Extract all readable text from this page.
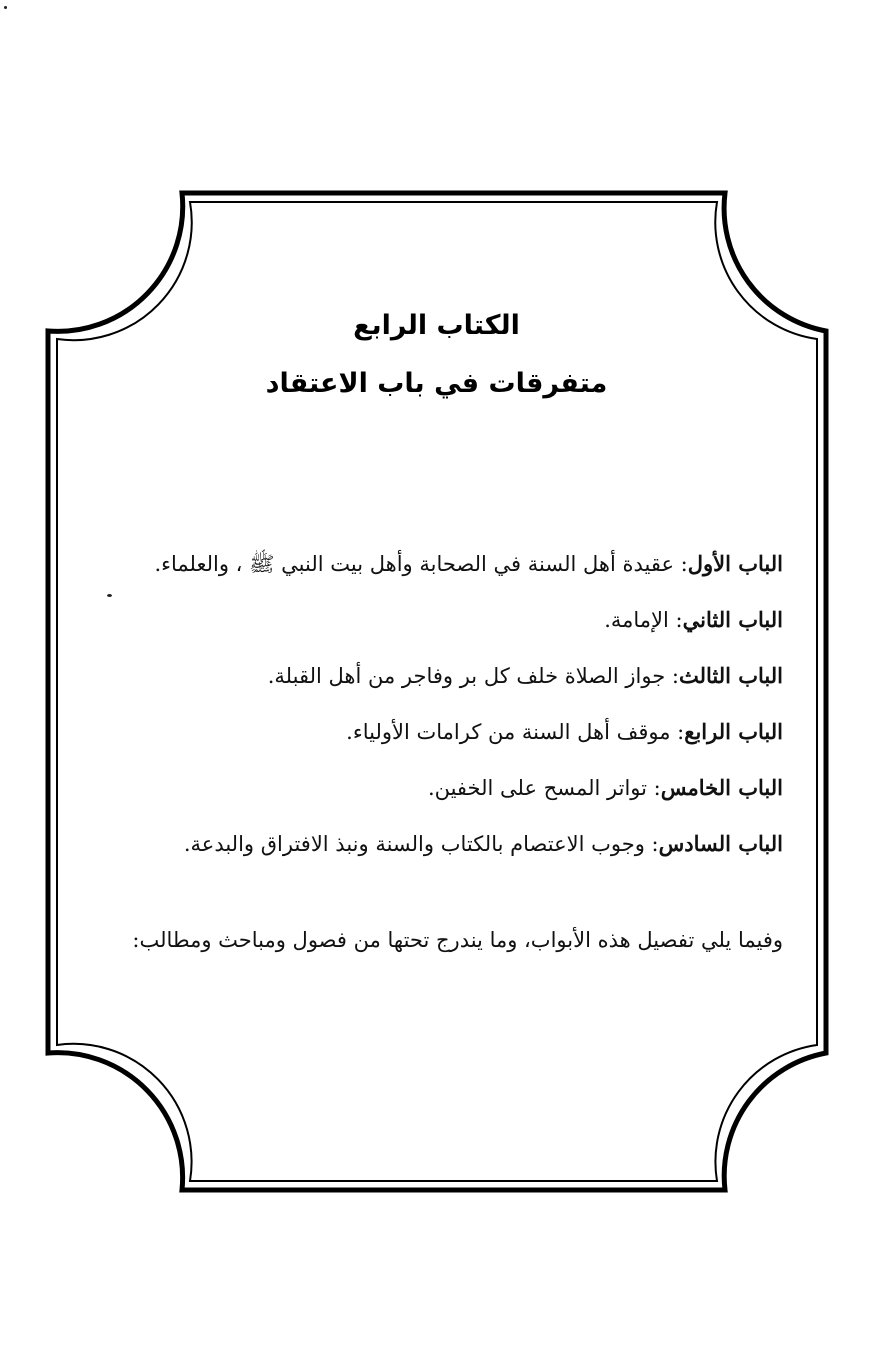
الكتاب الرابع
متفرقات في باب الاعتقاد
الباب الأول: عقيدة أهل السنة في الصحابة وأهل بيت النبي ﷺ ، والعلماء.
الباب الثاني: الإمامة.
الباب الثالث: جواز الصلاة خلف كل بر وفاجر من أهل القبلة.
الباب الرابع: موقف أهل السنة من كرامات الأولياء.
الباب الخامس: تواتر المسح على الخفين.
الباب السادس: وجوب الاعتصام بالكتاب والسنة ونبذ الافتراق والبدعة.

وفيما يلي تفصيل هذه الأبواب، وما يندرج تحتها من فصول ومباحث ومطالب:
